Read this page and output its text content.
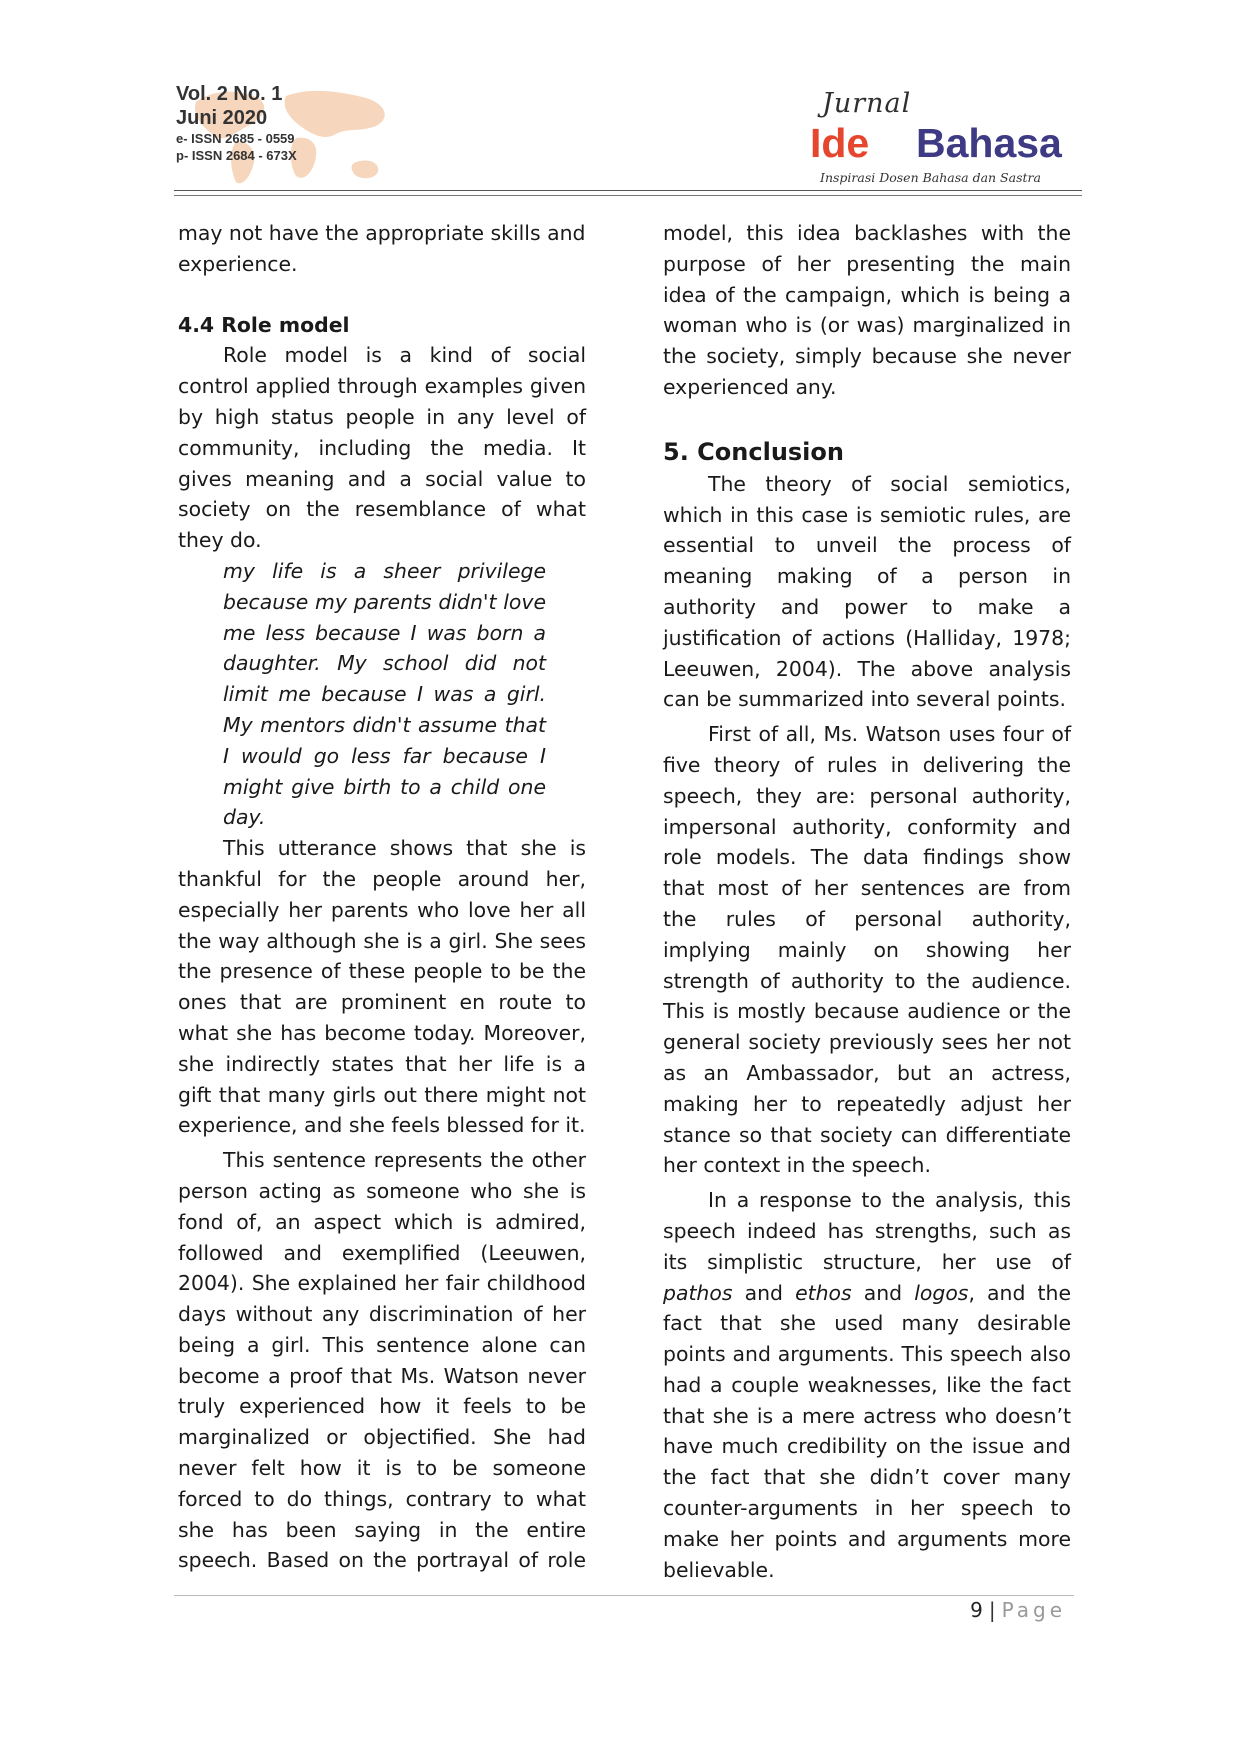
Vol. 2 No. 1
Juni 2020
e- ISSN 2685 - 0559
p- ISSN 2684 - 673X
Jurnal
Ide Bahasa
Inspirasi Dosen Bahasa dan Sastra

may not have the appropriate skills and experience.

4.4 Role model

Role model is a kind of social control applied through examples given by high status people in any level of community, including the media. It gives meaning and a social value to society on the resemblance of what they do.

my life is a sheer privilege because my parents didn't love me less because I was born a daughter. My school did not limit me because I was a girl. My mentors didn't assume that I would go less far because I might give birth to a child one day.

This utterance shows that she is thankful for the people around her, especially her parents who love her all the way although she is a girl. She sees the presence of these people to be the ones that are prominent en route to what she has become today. Moreover, she indirectly states that her life is a gift that many girls out there might not experience, and she feels blessed for it.

This sentence represents the other person acting as someone who she is fond of, an aspect which is admired, followed and exemplified (Leeuwen, 2004). She explained her fair childhood days without any discrimination of her being a girl. This sentence alone can become a proof that Ms. Watson never truly experienced how it feels to be marginalized or objectified. She had never felt how it is to be someone forced to do things, contrary to what she has been saying in the entire speech. Based on the portrayal of role

model, this idea backlashes with the purpose of her presenting the main idea of the campaign, which is being a woman who is (or was) marginalized in the society, simply because she never experienced any.

5. Conclusion

The theory of social semiotics, which in this case is semiotic rules, are essential to unveil the process of meaning making of a person in authority and power to make a justification of actions (Halliday, 1978; Leeuwen, 2004). The above analysis can be summarized into several points.

First of all, Ms. Watson uses four of five theory of rules in delivering the speech, they are: personal authority, impersonal authority, conformity and role models. The data findings show that most of her sentences are from the rules of personal authority, implying mainly on showing her strength of authority to the audience. This is mostly because audience or the general society previously sees her not as an Ambassador, but an actress, making her to repeatedly adjust her stance so that society can differentiate her context in the speech.

In a response to the analysis, this speech indeed has strengths, such as its simplistic structure, her use of pathos and ethos and logos, and the fact that she used many desirable points and arguments. This speech also had a couple weaknesses, like the fact that she is a mere actress who doesn’t have much credibility on the issue and the fact that she didn’t cover many counter-arguments in her speech to make her points and arguments more believable.

9 | Page
